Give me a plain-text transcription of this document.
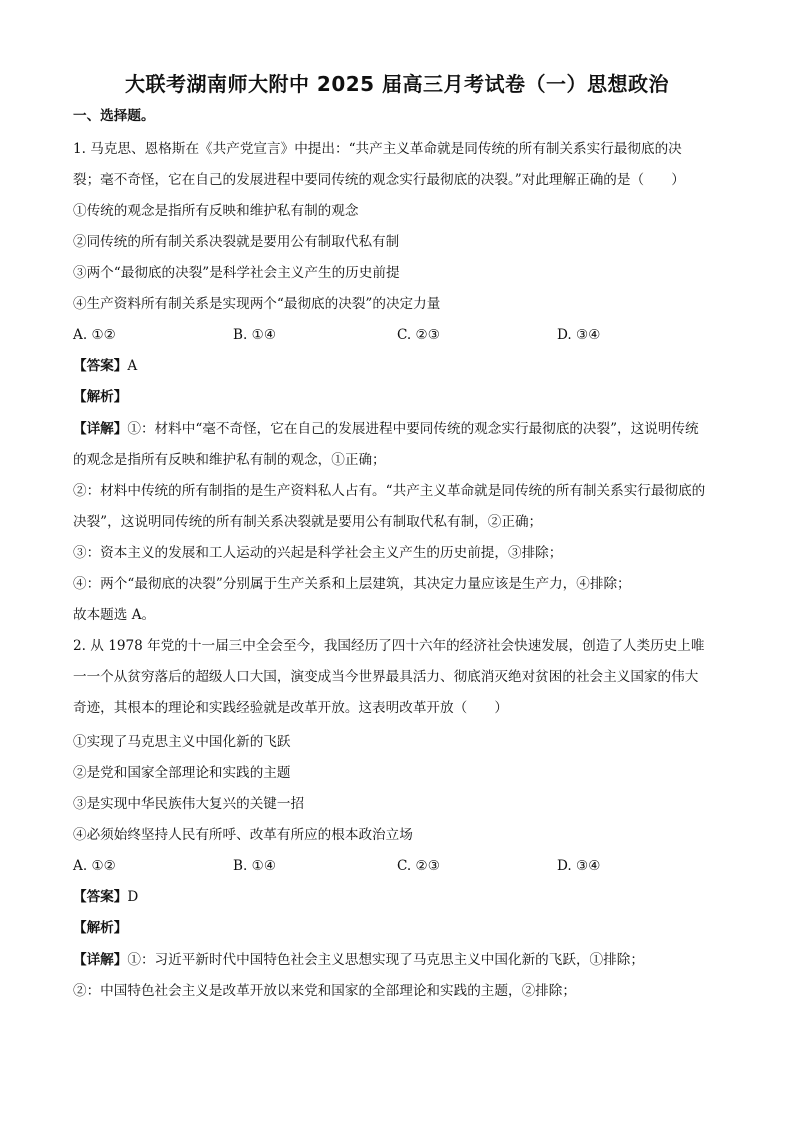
大联考湖南师大附中 2025 届高三月考试卷（一）思想政治
一、选择题。
1. 马克思、恩格斯在《共产党宣言》中提出：“共产主义革命就是同传统的所有制关系实行最彻底的决
裂；毫不奇怪，它在自己的发展进程中要同传统的观念实行最彻底的决裂。”对此理解正确的是（　　）
①传统的观念是指所有反映和维护私有制的观念
②同传统的所有制关系决裂就是要用公有制取代私有制
③两个“最彻底的决裂”是科学社会主义产生的历史前提
④生产资料所有制关系是实现两个“最彻底的决裂”的决定力量
A. ①②	B. ①④	C. ②③	D. ③④
【答案】A
【解析】
【详解】①：材料中“毫不奇怪，它在自己的发展进程中要同传统的观念实行最彻底的决裂”，这说明传统
的观念是指所有反映和维护私有制的观念，①正确；
②：材料中传统的所有制指的是生产资料私人占有。“共产主义革命就是同传统的所有制关系实行最彻底的
决裂”，这说明同传统的所有制关系决裂就是要用公有制取代私有制，②正确；
③：资本主义的发展和工人运动的兴起是科学社会主义产生的历史前提，③排除；
④：两个“最彻底的决裂”分别属于生产关系和上层建筑，其决定力量应该是生产力，④排除；
故本题选 A。
2. 从 1978 年党的十一届三中全会至今，我国经历了四十六年的经济社会快速发展，创造了人类历史上唯
一一个从贫穷落后的超级人口大国，演变成当今世界最具活力、彻底消灭绝对贫困的社会主义国家的伟大
奇迹，其根本的理论和实践经验就是改革开放。这表明改革开放（　　）
①实现了马克思主义中国化新的飞跃
②是党和国家全部理论和实践的主题
③是实现中华民族伟大复兴的关键一招
④必须始终坚持人民有所呼、改革有所应的根本政治立场
A. ①②	B. ①④	C. ②③	D. ③④
【答案】D
【解析】
【详解】①：习近平新时代中国特色社会主义思想实现了马克思主义中国化新的飞跃，①排除；
②：中国特色社会主义是改革开放以来党和国家的全部理论和实践的主题，②排除；
